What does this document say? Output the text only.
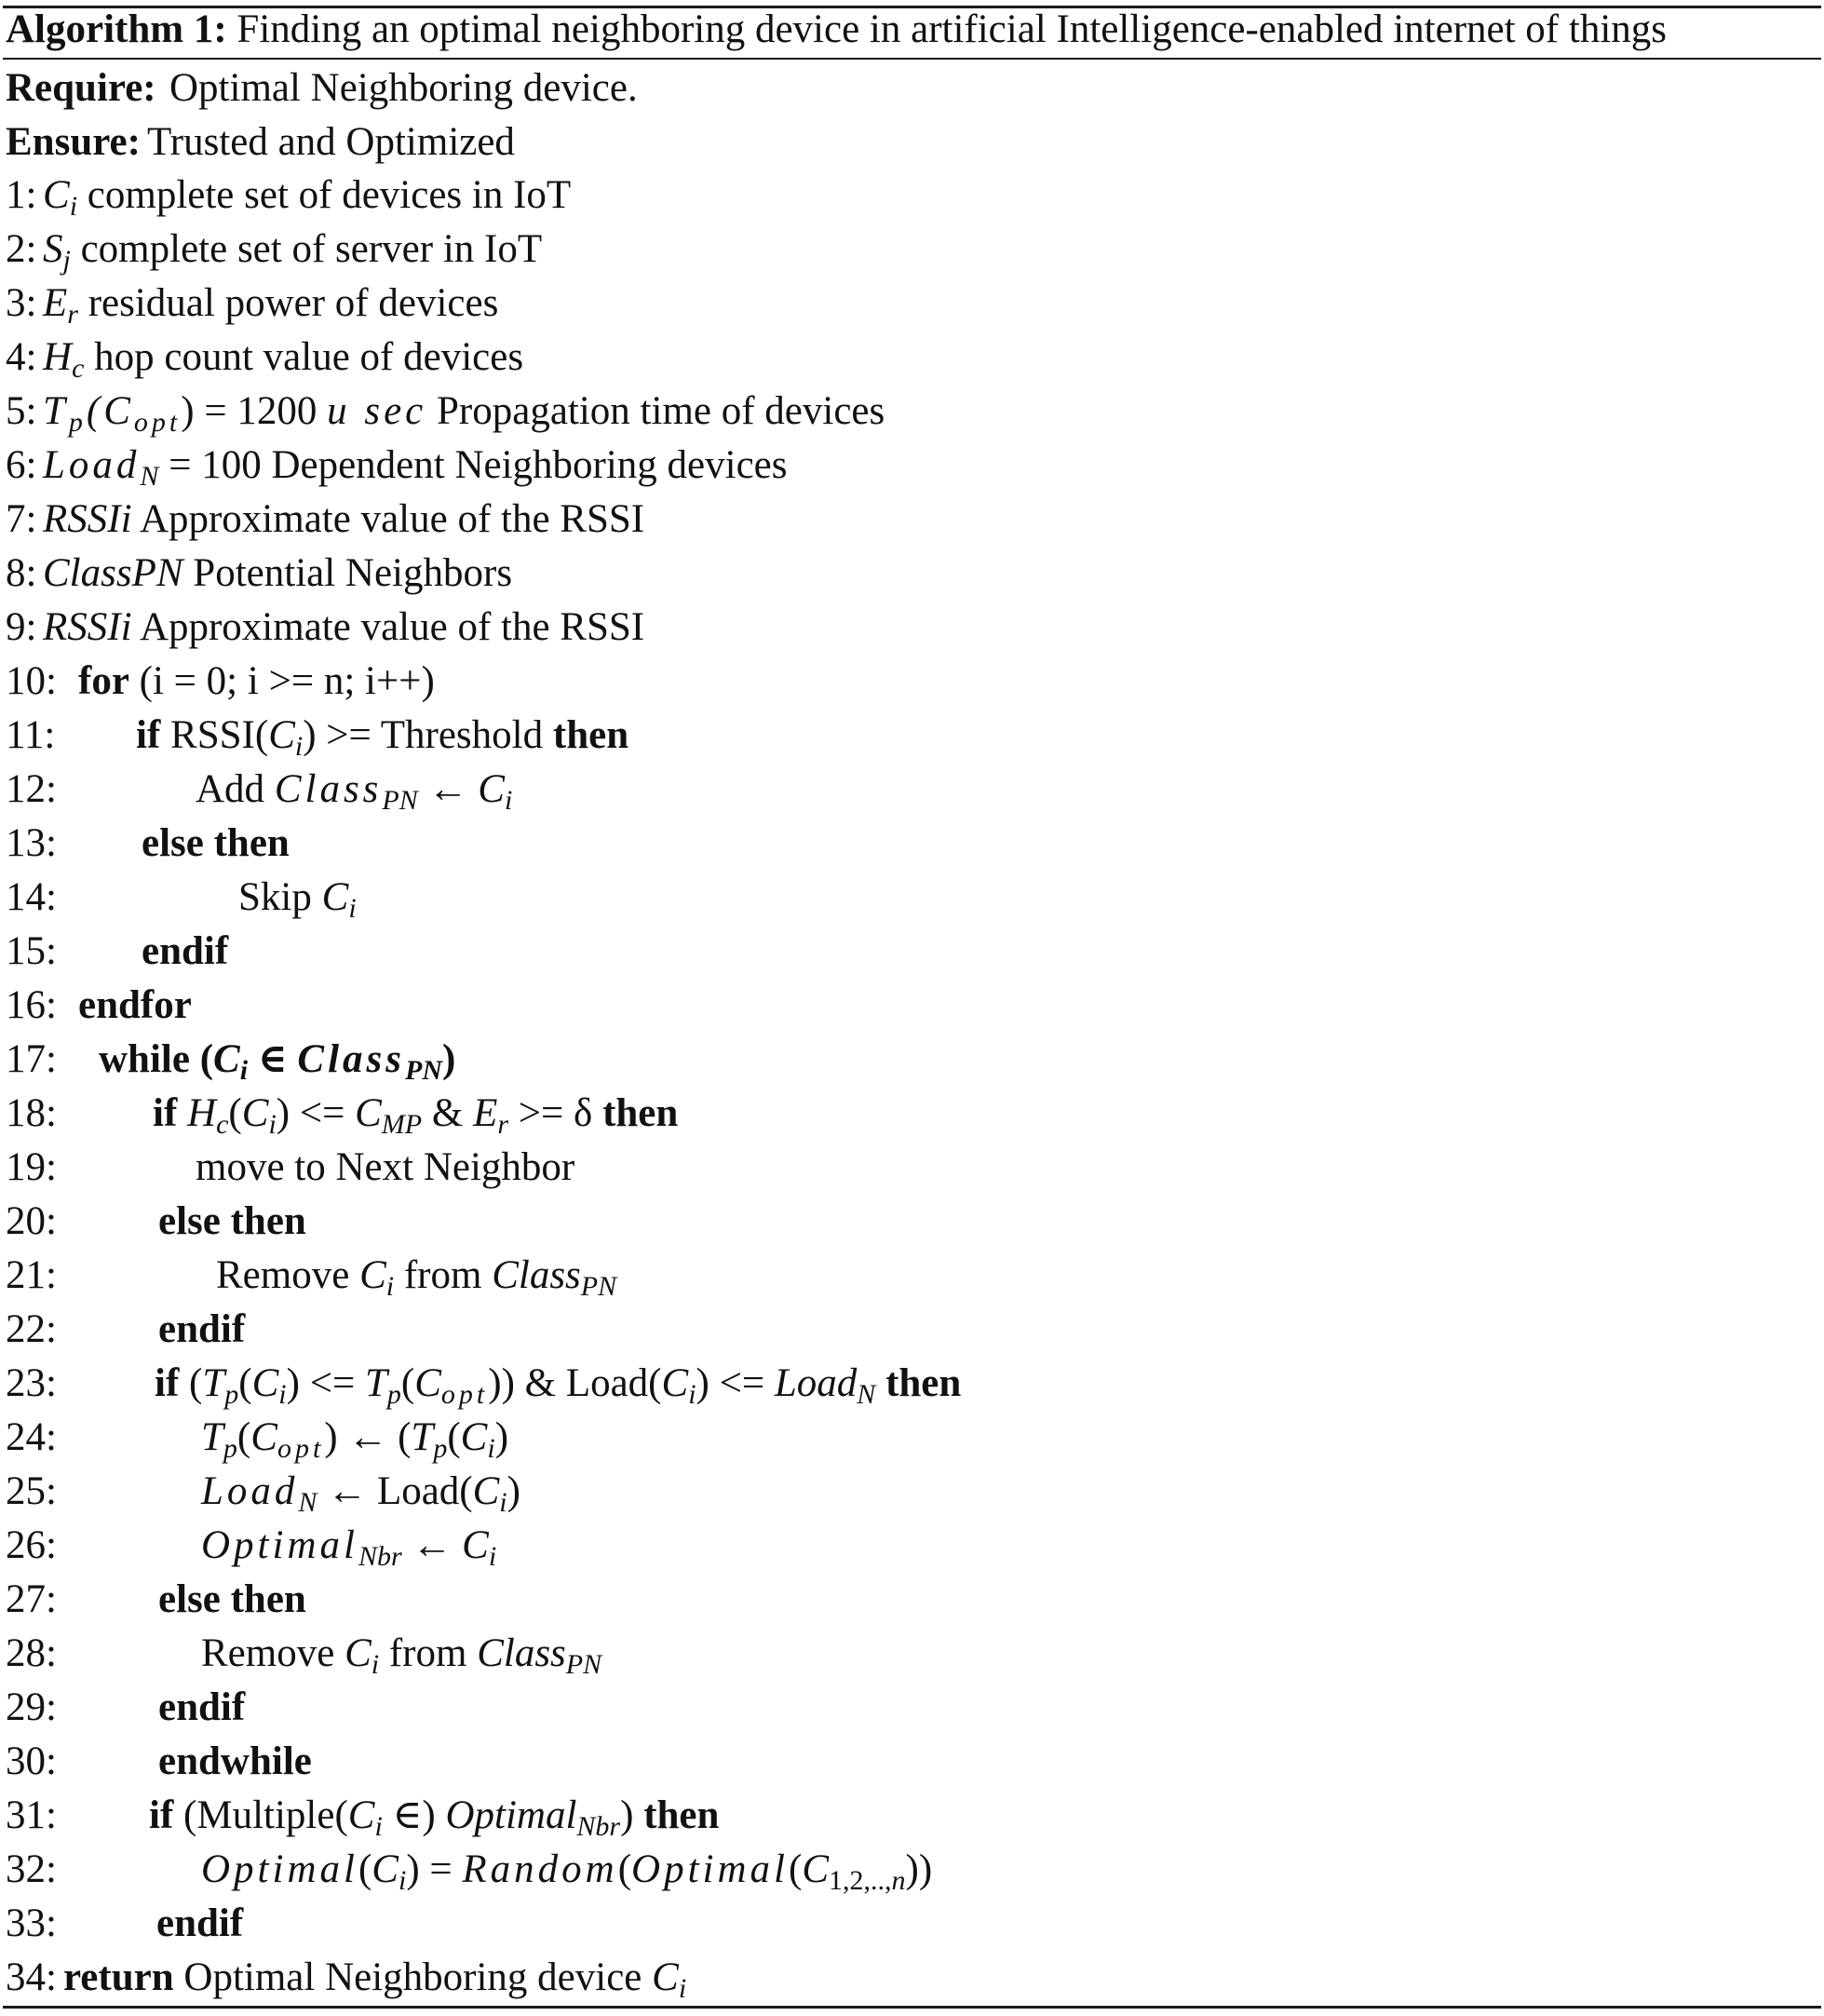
Algorithm 1: Finding an optimal neighboring device in artificial Intelligence-enabled internet of things
Require: Optimal Neighboring device.
Ensure: Trusted and Optimized
1: $C_i$ complete set of devices in IoT
2: $S_j$ complete set of server in IoT
3: $E_r$ residual power of devices
4: $H_c$ hop count value of devices
5: $T_p(C_{opt}) = 1200$ u sec Propagation time of devices
6: Load$_N$ = 100 Dependent Neighboring devices
7: RSSIi Approximate value of the RSSI
8: ClassPN Potential Neighbors
9: RSSIi Approximate value of the RSSI
10: for (i = 0; i >= n; i++)
11: if $RSSI(C_i)$ >= Threshold then
12:	Add Class$_{PN}$ ← $C_i$
13: else then
14:	Skip $C_i$
15: endif
16: endfor
17: while ($C_i$ ∈ Class$_{PN}$)
18: if $H_c(C_i) <= C_{MP}$ & $E_r >= \delta$ then
19:	move to Next Neighbor
20:	else then
21:	Remove $C_i$ from Class$_{PN}$
22:	endif
23: if $(T_p(C_i) <= T_p(C_{opt}))$ & $Load(C_i)$ <= Load$_N$ then
24:	$T_p(C_{opt})$ ← ($T_p(C_i)$
25:	Load$_N$ ← $Load(C_i)$
26:	Optimal$_{Nbr}$ ← $C_i$
27:	else then
28:	Remove $C_i$ from Class$_{PN}$
29:	endif
30:	endwhile
31: if ($Multiple(C_i$ ∈) Optimal$_{Nbr}$) then
32:	$Optimal(C_i)$ = $Random(Optimal(C_{1,2,..,n}))$
33: endif
34: return Optimal Neighboring device $C_i$
